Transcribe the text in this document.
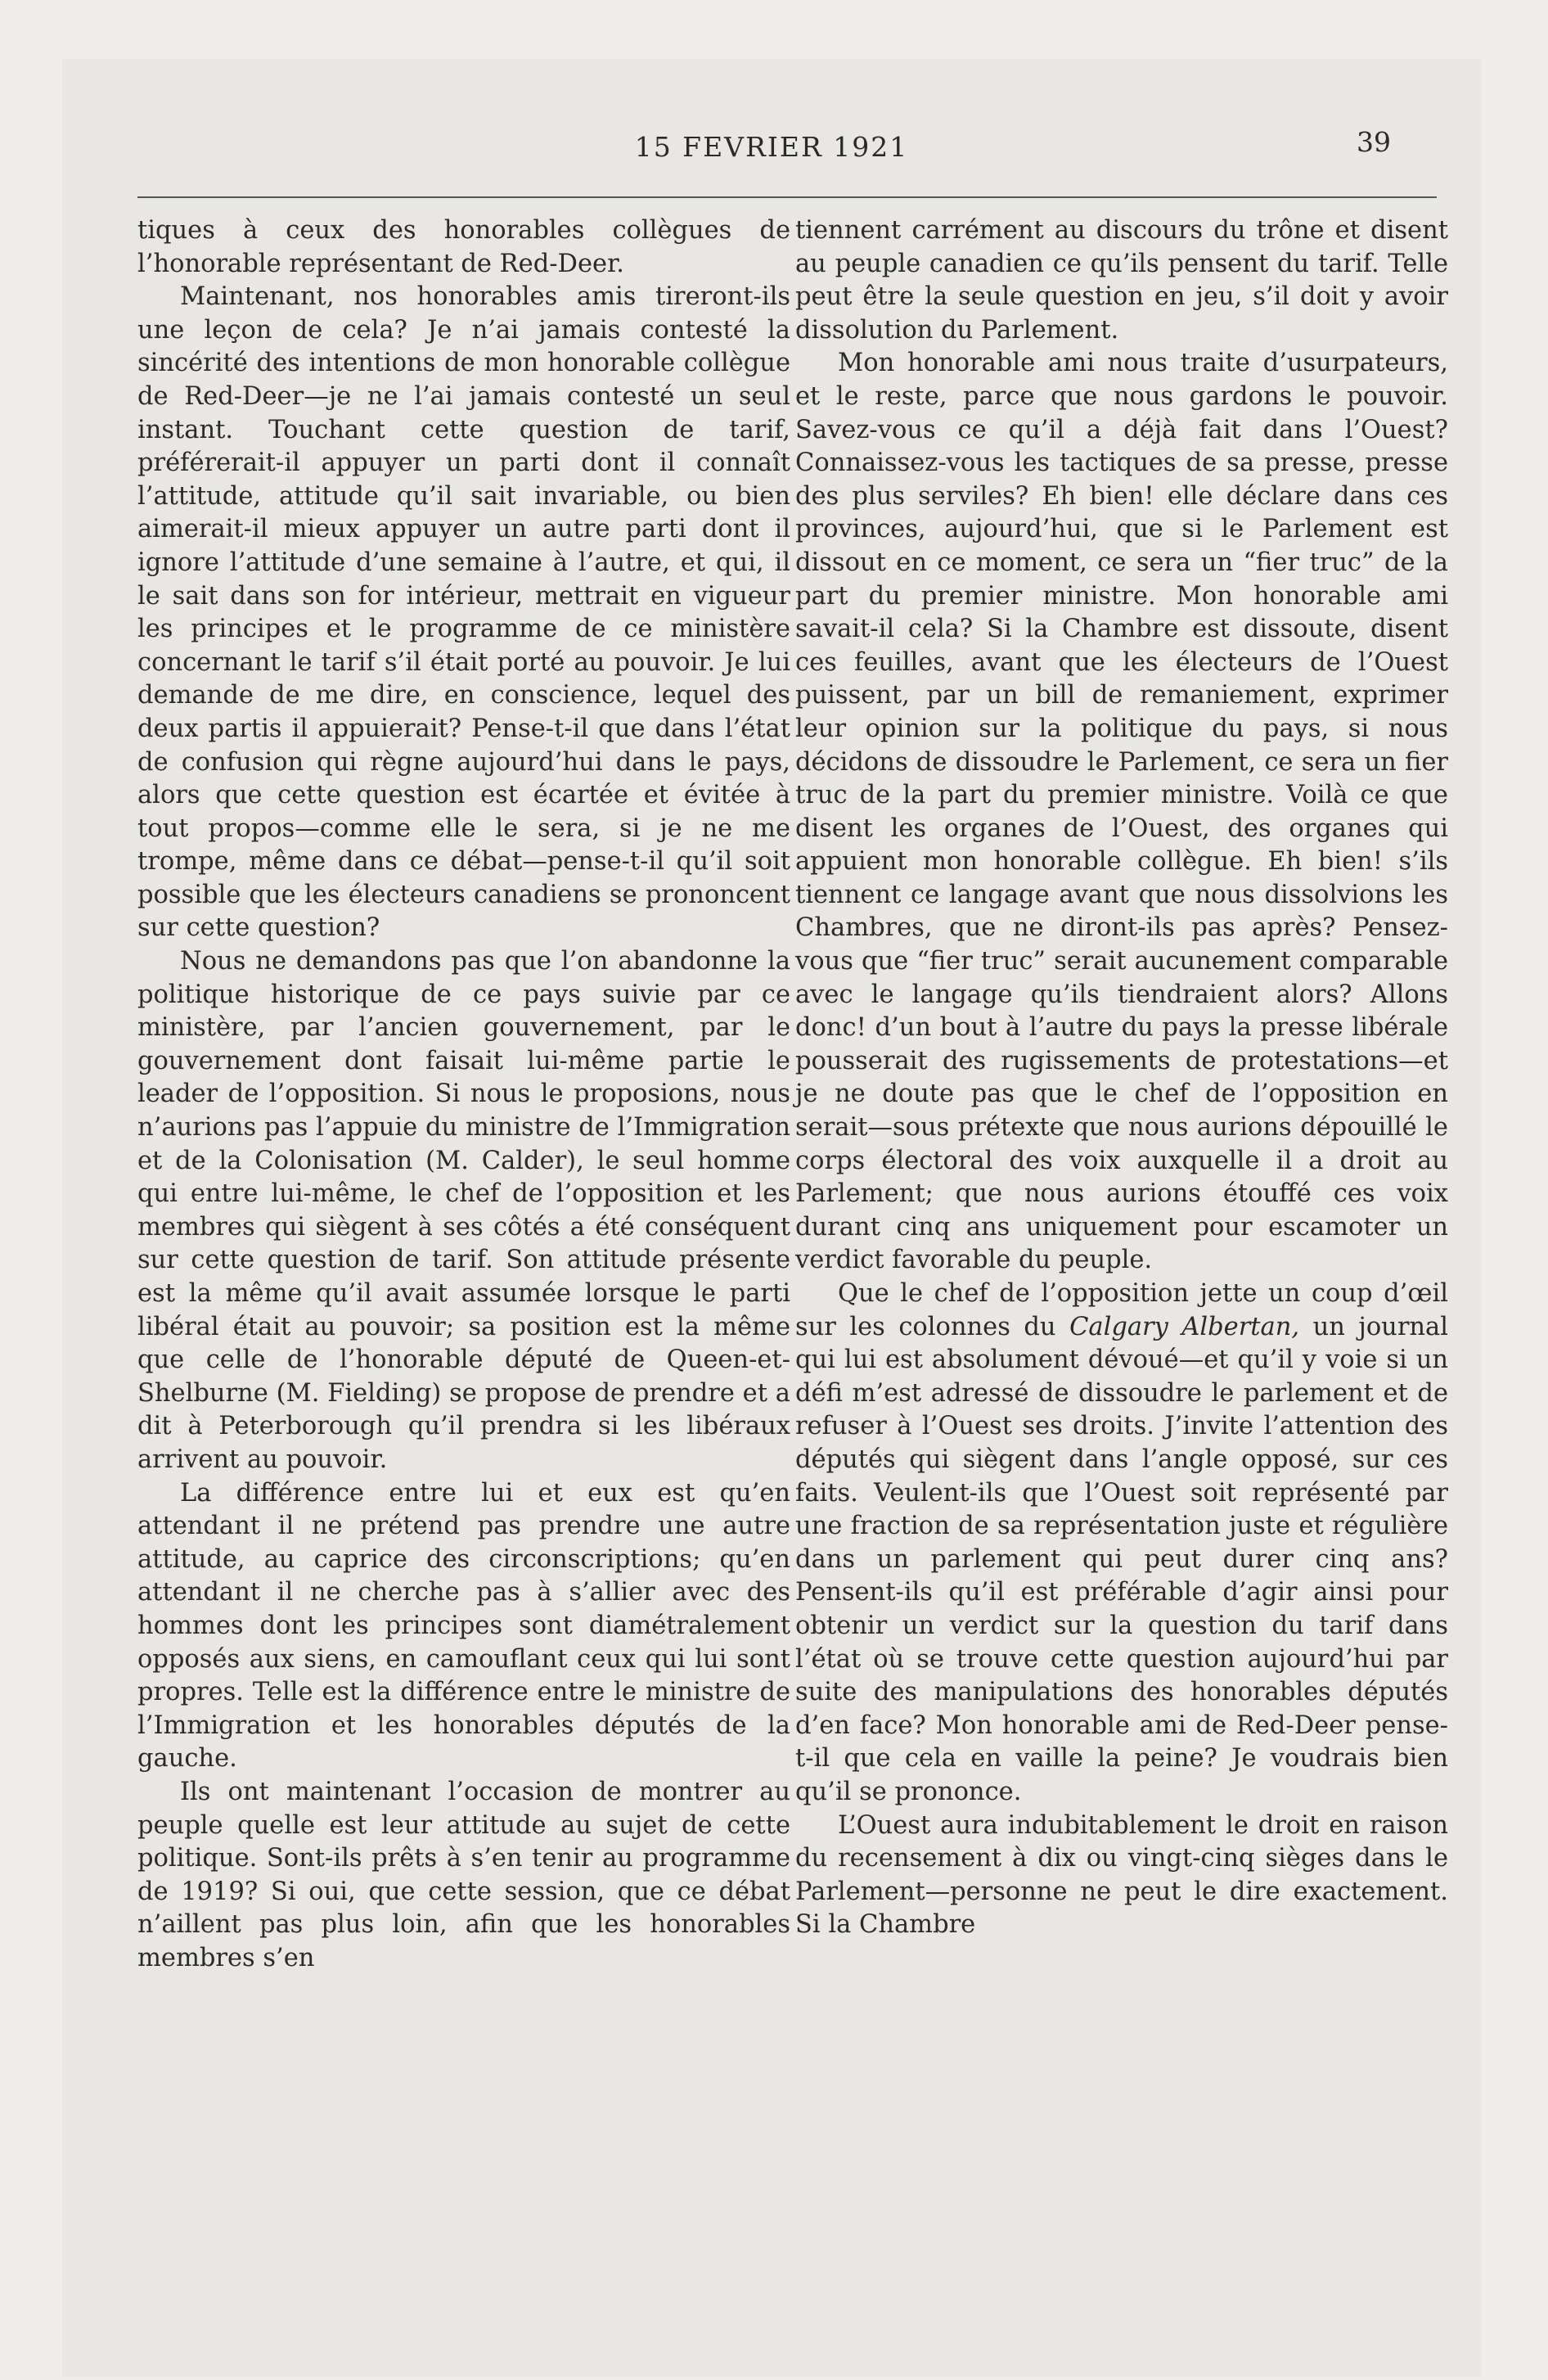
15 FEVRIER 1921	39

tiques à ceux des honorables collègues de l’honorable représentant de Red-Deer.

Maintenant, nos honorables amis tireront-ils une leçon de cela? Je n’ai jamais contesté la sincérité des intentions de mon honorable collègue de Red-Deer—je ne l’ai jamais contesté un seul instant. Touchant cette question de tarif, préférerait-il appuyer un parti dont il connaît l’attitude, attitude qu’il sait invariable, ou bien aimerait-il mieux appuyer un autre parti dont il ignore l’attitude d’une semaine à l’autre, et qui, il le sait dans son for intérieur, mettrait en vigueur les principes et le programme de ce ministère concernant le tarif s’il était porté au pouvoir. Je lui demande de me dire, en conscience, lequel des deux partis il appuierait? Pense-t-il que dans l’état de confusion qui règne aujourd’hui dans le pays, alors que cette question est écartée et évitée à tout propos—comme elle le sera, si je ne me trompe, même dans ce débat—pense-t-il qu’il soit possible que les électeurs canadiens se prononcent sur cette question?

Nous ne demandons pas que l’on abandonne la politique historique de ce pays suivie par ce ministère, par l’ancien gouvernement, par le gouvernement dont faisait lui-même partie le leader de l’opposition. Si nous le proposions, nous n’aurions pas l’appuie du ministre de l’Immigration et de la Colonisation (M. Calder), le seul homme qui entre lui-même, le chef de l’opposition et les membres qui siègent à ses côtés a été conséquent sur cette question de tarif. Son attitude présente est la même qu’il avait assumée lorsque le parti libéral était au pouvoir; sa position est la même que celle de l’honorable député de Queen-et-Shelburne (M. Fielding) se propose de prendre et a dit à Peterborough qu’il prendra si les libéraux arrivent au pouvoir.

La différence entre lui et eux est qu’en attendant il ne prétend pas prendre une autre attitude, au caprice des circonscriptions; qu’en attendant il ne cherche pas à s’allier avec des hommes dont les principes sont diamétralement opposés aux siens, en camouflant ceux qui lui sont propres. Telle est la différence entre le ministre de l’Immigration et les honorables députés de la gauche.

Ils ont maintenant l’occasion de montrer au peuple quelle est leur attitude au sujet de cette politique. Sont-ils prêts à s’en tenir au programme de 1919? Si oui, que cette session, que ce débat n’aillent pas plus loin, afin que les honorables membres s’en

tiennent carrément au discours du trône et disent au peuple canadien ce qu’ils pensent du tarif. Telle peut être la seule question en jeu, s’il doit y avoir dissolution du Parlement.

Mon honorable ami nous traite d’usurpateurs, et le reste, parce que nous gardons le pouvoir. Savez-vous ce qu’il a déjà fait dans l’Ouest? Connaissez-vous les tactiques de sa presse, presse des plus serviles? Eh bien! elle déclare dans ces provinces, aujourd’hui, que si le Parlement est dissout en ce moment, ce sera un “fier truc” de la part du premier ministre. Mon honorable ami savait-il cela? Si la Chambre est dissoute, disent ces feuilles, avant que les électeurs de l’Ouest puissent, par un bill de remaniement, exprimer leur opinion sur la politique du pays, si nous décidons de dissoudre le Parlement, ce sera un fier truc de la part du premier ministre. Voilà ce que disent les organes de l’Ouest, des organes qui appuient mon honorable collègue. Eh bien! s’ils tiennent ce langage avant que nous dissolvions les Chambres, que ne diront-ils pas après? Pensez-vous que “fier truc” serait aucunement comparable avec le langage qu’ils tiendraient alors? Allons donc! d’un bout à l’autre du pays la presse libérale pousserait des rugissements de protestations—et je ne doute pas que le chef de l’opposition en serait—sous prétexte que nous aurions dépouillé le corps électoral des voix auxquelle il a droit au Parlement; que nous aurions étouffé ces voix durant cinq ans uniquement pour escamoter un verdict favorable du peuple.

Que le chef de l’opposition jette un coup d’œil sur les colonnes du Calgary Albertan, un journal qui lui est absolument dévoué—et qu’il y voie si un défi m’est adressé de dissoudre le parlement et de refuser à l’Ouest ses droits. J’invite l’attention des députés qui siègent dans l’angle opposé, sur ces faits. Veulent-ils que l’Ouest soit représenté par une fraction de sa représentation juste et régulière dans un parlement qui peut durer cinq ans? Pensent-ils qu’il est préférable d’agir ainsi pour obtenir un verdict sur la question du tarif dans l’état où se trouve cette question aujourd’hui par suite des manipulations des honorables députés d’en face? Mon honorable ami de Red-Deer pense-t-il que cela en vaille la peine? Je voudrais bien qu’il se prononce.

L’Ouest aura indubitablement le droit en raison du recensement à dix ou vingt-cinq sièges dans le Parlement—personne ne peut le dire exactement. Si la Chambre
